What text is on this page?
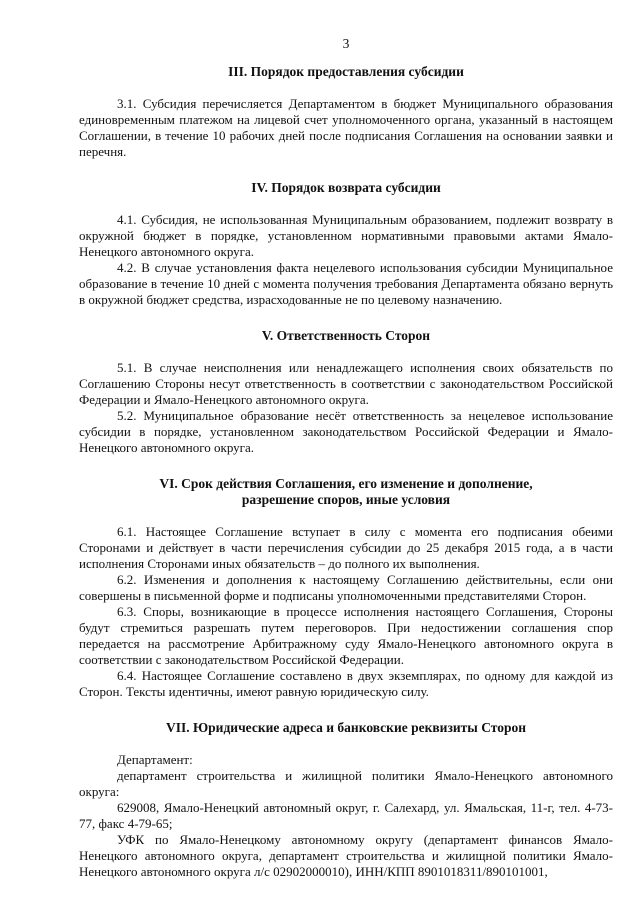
3
III. Порядок предоставления субсидии

3.1. Субсидия перечисляется Департаментом в бюджет Муниципального образования единовременным платежом на лицевой счет уполномоченного органа, указанный в настоящем Соглашении, в течение 10 рабочих дней после подписания Соглашения на основании заявки и перечня.

IV. Порядок возврата субсидии

4.1. Субсидия, не использованная Муниципальным образованием, подлежит возврату в окружной бюджет в порядке, установленном нормативными правовыми актами Ямало-Ненецкого автономного округа.

4.2. В случае установления факта нецелевого использования субсидии Муниципальное образование в течение 10 дней с момента получения требования Департамента обязано вернуть в окружной бюджет средства, израсходованные не по целевому назначению.

V. Ответственность Сторон

5.1. В случае неисполнения или ненадлежащего исполнения своих обязательств по Соглашению Стороны несут ответственность в соответствии с законодательством Российской Федерации и Ямало-Ненецкого автономного округа.

5.2. Муниципальное образование несёт ответственность за нецелевое использование субсидии в порядке, установленном законодательством Российской Федерации и Ямало-Ненецкого автономного округа.

VI. Срок действия Соглашения, его изменение и дополнение,
разрешение споров, иные условия

6.1. Настоящее Соглашение вступает в силу с момента его подписания обеими Сторонами и действует в части перечисления субсидии до 25 декабря 2015 года, а в части исполнения Сторонами иных обязательств – до полного их выполнения.

6.2. Изменения и дополнения к настоящему Соглашению действительны, если они совершены в письменной форме и подписаны уполномоченными представителями Сторон.

6.3. Споры, возникающие в процессе исполнения настоящего Соглашения, Стороны будут стремиться разрешать путем переговоров. При недостижении соглашения спор передается на рассмотрение Арбитражному суду Ямало-Ненецкого автономного округа в соответствии с законодательством Российской Федерации.

6.4. Настоящее Соглашение составлено в двух экземплярах, по одному для каждой из Сторон. Тексты идентичны, имеют равную юридическую силу.

VII. Юридические адреса и банковские реквизиты Сторон

Департамент:

департамент строительства и жилищной политики Ямало-Ненецкого автономного округа:

629008, Ямало-Ненецкий автономный округ, г. Салехард, ул. Ямальская, 11-г, тел. 4-73-77, факс 4-79-65;

УФК по Ямало-Ненецкому автономному округу (департамент финансов Ямало-Ненецкого автономного округа, департамент строительства и жилищной политики Ямало-Ненецкого автономного округа л/с 02902000010), ИНН/КПП 8901018311/890101001,
